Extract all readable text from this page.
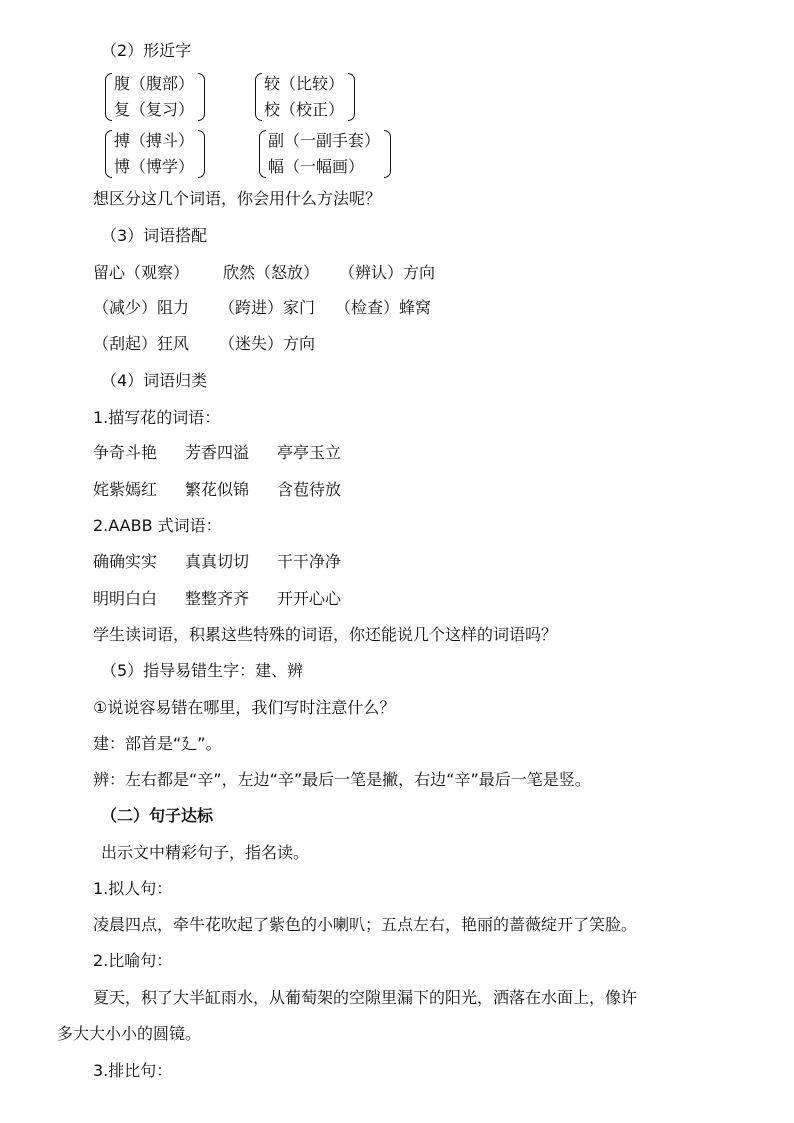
（2）形近字
腹（腹部）
复（复习）
较（比较）
校（校正）
搏（搏斗）
博（博学）
副（一副手套）
幅（一幅画）
想区分这几个词语，你会用什么方法呢？
（3）词语搭配
留心（观察） 欣然（怒放） （辨认）方向
（减少）阻力 （跨进）家门 （检查）蜂窝
（刮起）狂风 （迷失）方向
（4）词语归类
1.描写花的词语：
争奇斗艳 芳香四溢 亭亭玉立
姹紫嫣红 繁花似锦 含苞待放
2.AABB 式词语：
确确实实 真真切切 干干净净
明明白白 整整齐齐 开开心心
学生读词语，积累这些特殊的词语，你还能说几个这样的词语吗？
（5）指导易错生字：建、辨
①说说容易错在哪里，我们写时注意什么？
建：部首是“廴”。
辨：左右都是“辛”，左边“辛”最后一笔是撇，右边“辛”最后一笔是竖。
（二）句子达标
出示文中精彩句子，指名读。
1.拟人句：
凌晨四点，牵牛花吹起了紫色的小喇叭；五点左右，艳丽的蔷薇绽开了笑脸。
2.比喻句：
夏天，积了大半缸雨水，从葡萄架的空隙里漏下的阳光，洒落在水面上，像许
多大大小小的圆镜。
3.排比句：
